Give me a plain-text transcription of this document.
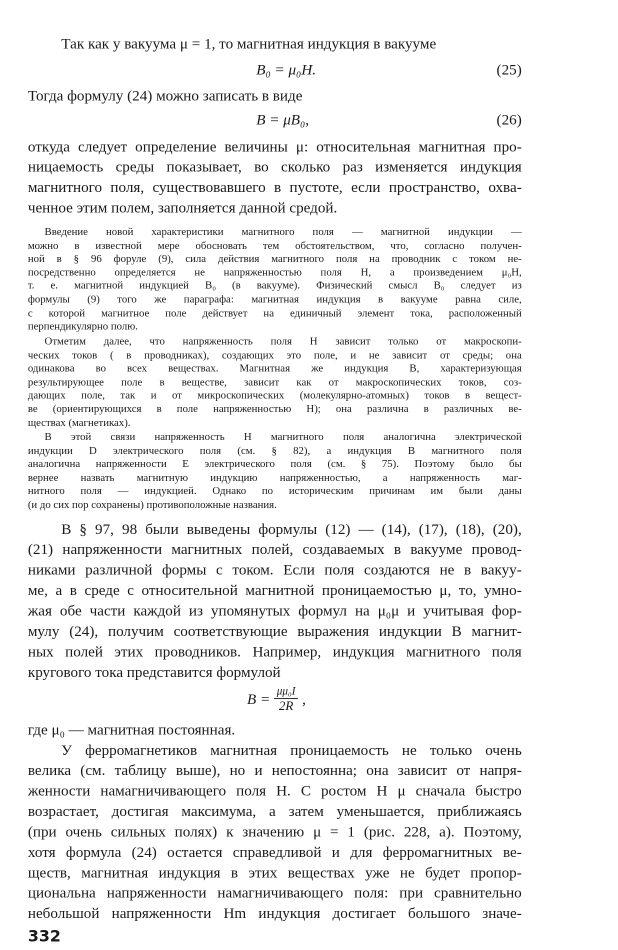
Так как у вакуума μ = 1, то магнитная индукция в вакууме
B₀ = μ₀H.	(25)
Тогда формулу (24) можно записать в виде
B = μB₀,	(26)
откуда следует определение величины μ: относительная магнитная про-
ницаемость среды показывает, во сколько раз изменяется индукция
магнитного поля, существовавшего в пустоте, если пространство, охва-
ченное этим полем, заполняется данной средой.
Введение новой характеристики магнитного поля — магнитной индукции —
можно в известной мере обосновать тем обстоятельством, что, согласно получен-
ной в § 96 форуле (9), сила действия магнитного поля на проводник с током не-
посредственно определяется не напряженностью поля H, а произведением μ₀H,
т. е. магнитной индукцией B₀ (в вакууме). Физический смысл B₀ следует из
формулы (9) того же параграфа: магнитная индукция в вакууме равна силе,
с которой магнитное поле действует на единичный элемент тока, расположенный
перпендикулярно полю.
Отметим далее, что напряженность поля H зависит только от макроскопи-
ческих токов ( в проводниках), создающих это поле, и не зависит от среды; она
одинакова во всех веществах. Магнитная же индукция B, характеризующая
результирующее поле в веществе, зависит как от макроскопических токов, соз-
дающих поле, так и от микроскопических (молекулярно-атомных) токов в вещест-
ве (ориентирующихся в поле напряженностью H); она различна в различных ве-
ществах (магнетиках).
В этой связи напряженность H магнитного поля аналогична электрической
индукции D электрического поля (см. § 82), а индукция B магнитного поля
аналогична напряженности E электрического поля (см. § 75). Поэтому было бы
вернее назвать магнитную индукцию напряженностью, а напряженность маг-
нитного поля — индукцией. Однако по историческим причинам им были даны
(и до сих пор сохранены) противоположные названия.
В § 97, 98 были выведены формулы (12) — (14), (17), (18), (20),
(21) напряженности магнитных полей, создаваемых в вакууме провод-
никами различной формы с током. Если поля создаются не в вакуу-
ме, а в среде с относительной магнитной проницаемостью μ, то, умно-
жая обе части каждой из упомянутых формул на μ₀μ и учитывая фор-
мулу (24), получим соответствующие выражения индукции B магнит-
ных полей этих проводников. Например, индукция магнитного поля
кругового тока представится формулой
$B = \frac{\text{μμ₀I}}{2R}$ ,
где μ₀ — магнитная постоянная.
У ферромагнетиков магнитная проницаемость не только очень
велика (см. таблицу выше), но и непостоянна; она зависит от напря-
женности намагничивающего поля H. С ростом H μ сначала быстро
возрастает, достигая максимума, а затем уменьшается, приближаясь
(при очень сильных полях) к значению μ = 1 (рис. 228, а). Поэтому,
хотя формула (24) остается справедливой и для ферромагнитных ве-
ществ, магнитная индукция в этих веществах уже не будет пропор-
циональна напряженности намагничивающего поля: при сравнительно
небольшой напряженности Hm индукция достигает большого значе-
332
